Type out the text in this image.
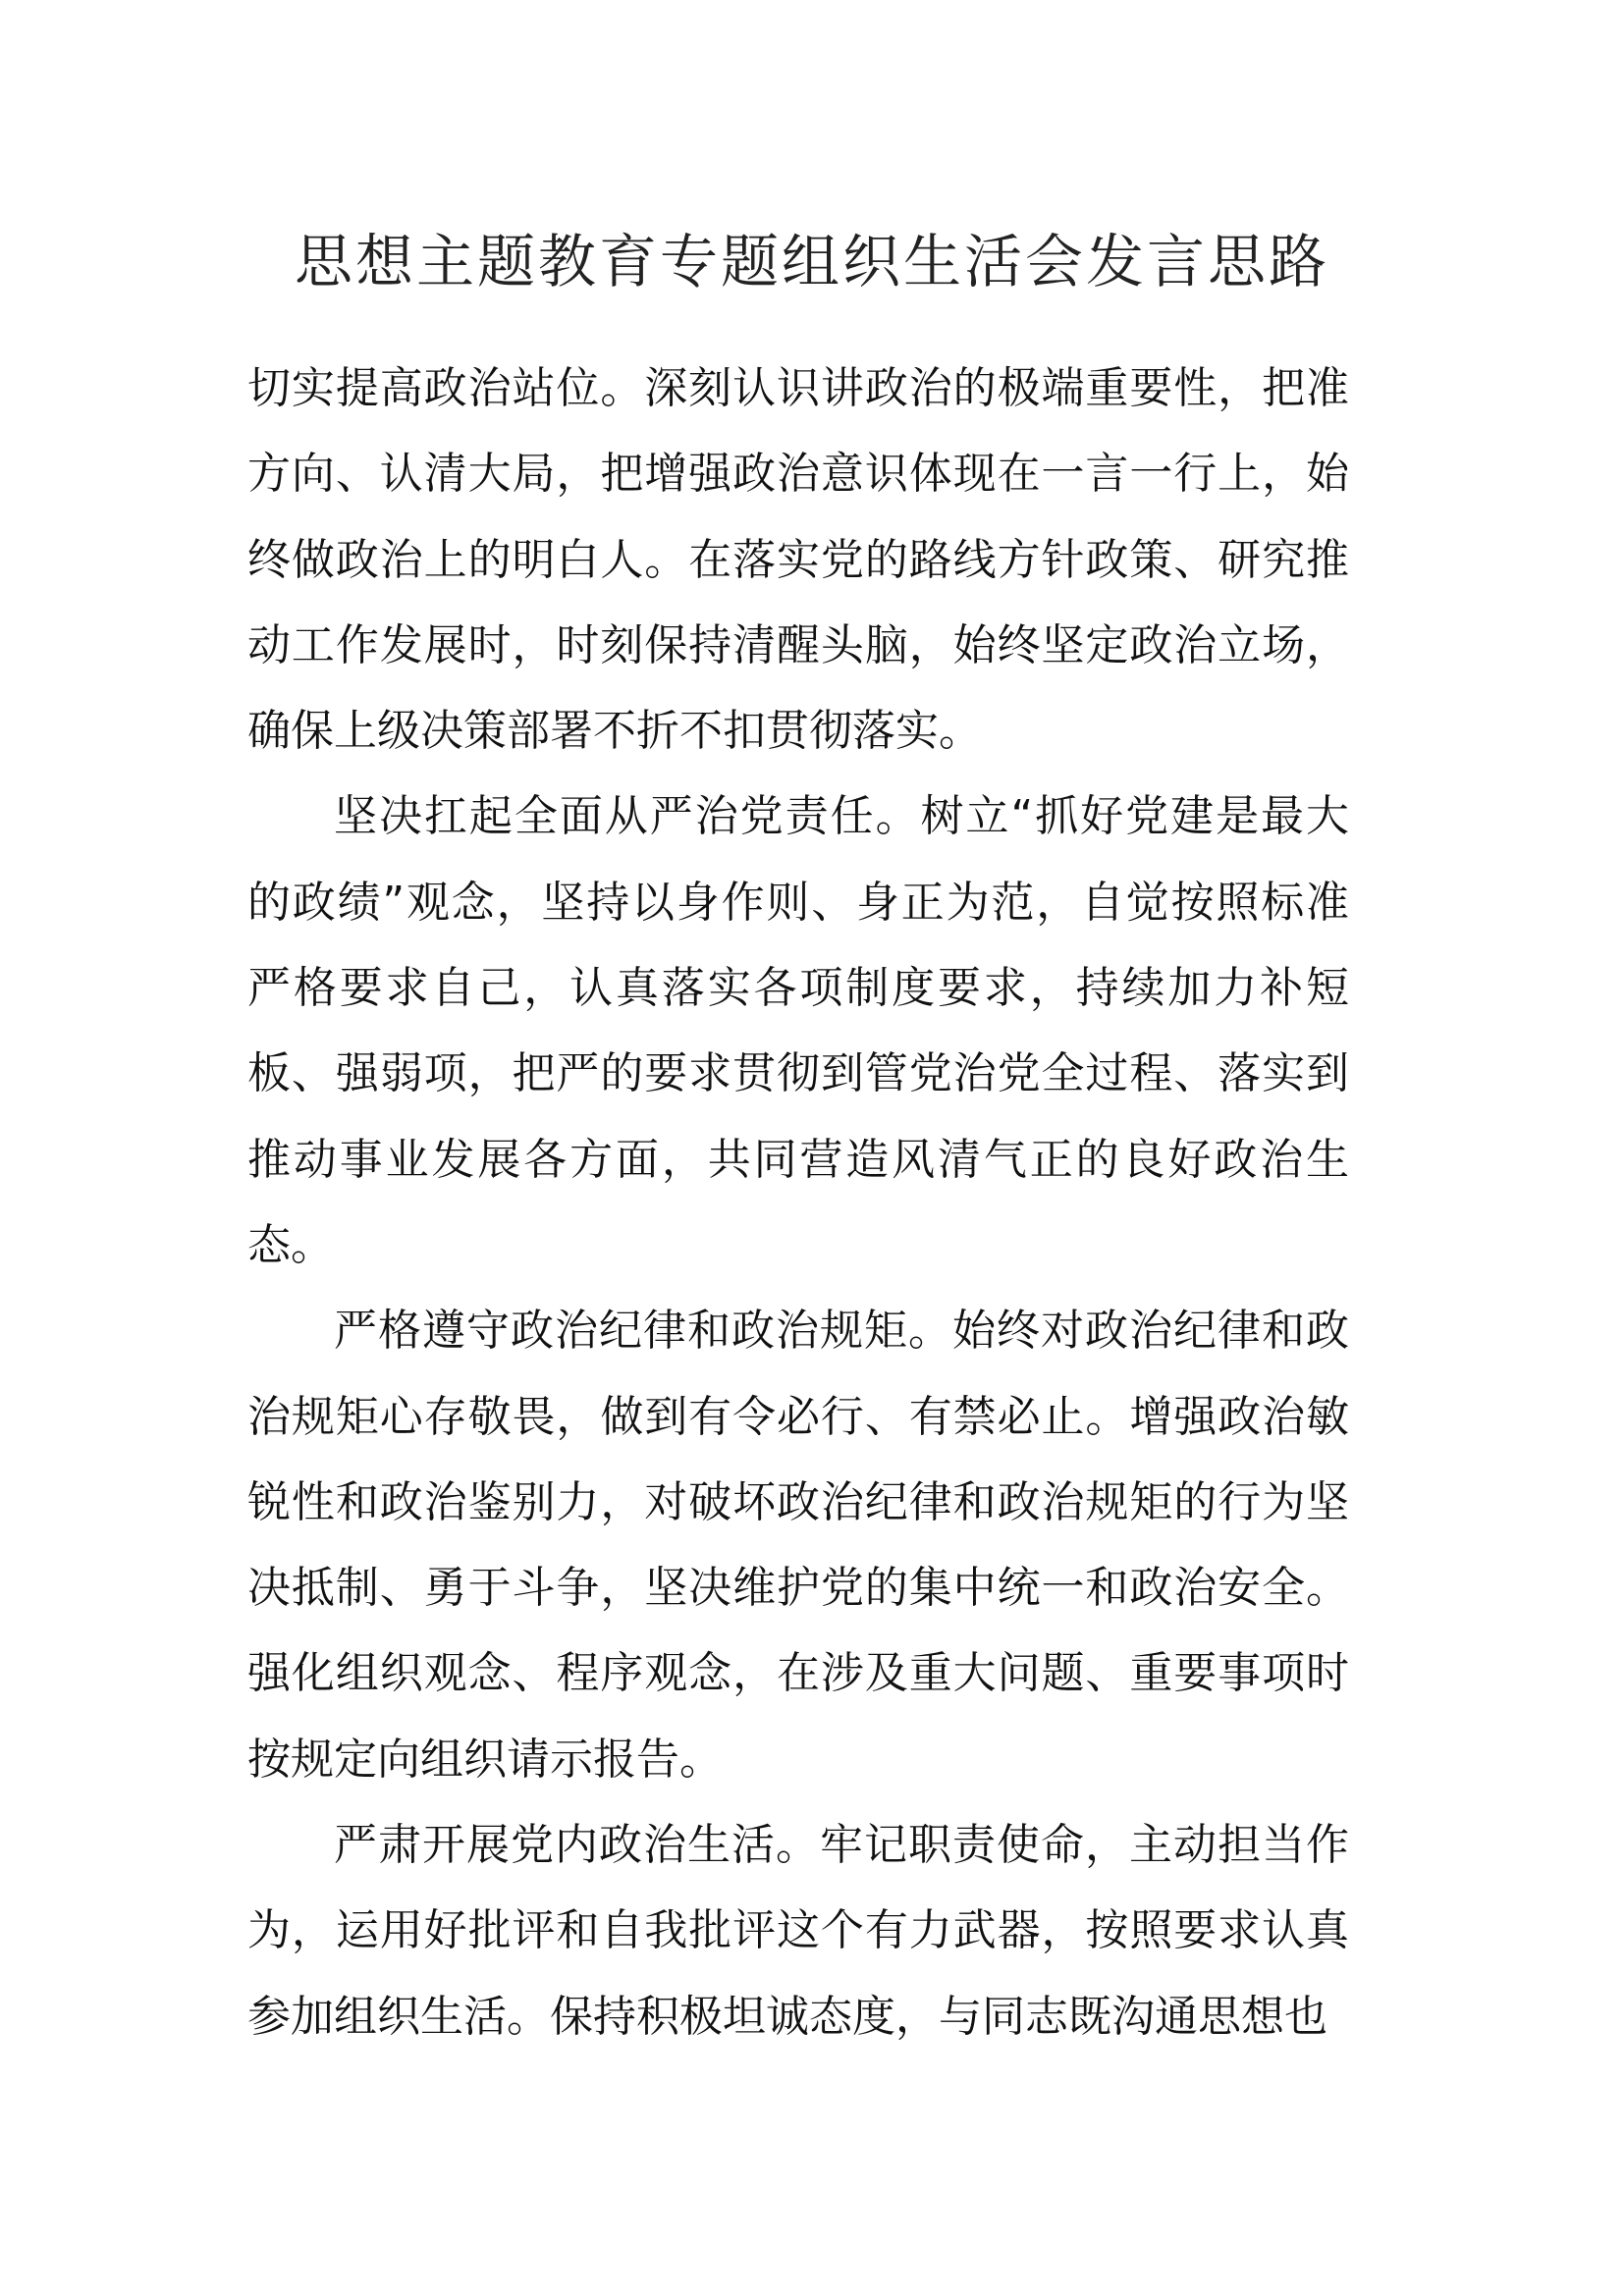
思想主题教育专题组织生活会发言思路

切实提高政治站位。深刻认识讲政治的极端重要性，把准方向、认清大局，把增强政治意识体现在一言一行上，始终做政治上的明白人。在落实党的路线方针政策、研究推动工作发展时，时刻保持清醒头脑，始终坚定政治立场，确保上级决策部署不折不扣贯彻落实。

坚决扛起全面从严治党责任。树立“抓好党建是最大的政绩”观念，坚持以身作则、身正为范，自觉按照标准严格要求自己，认真落实各项制度要求，持续加力补短板、强弱项，把严的要求贯彻到管党治党全过程、落实到推动事业发展各方面，共同营造风清气正的良好政治生态。

严格遵守政治纪律和政治规矩。始终对政治纪律和政治规矩心存敬畏，做到有令必行、有禁必止。增强政治敏锐性和政治鉴别力，对破坏政治纪律和政治规矩的行为坚决抵制、勇于斗争，坚决维护党的集中统一和政治安全。强化组织观念、程序观念，在涉及重大问题、重要事项时按规定向组织请示报告。

严肃开展党内政治生活。牢记职责使命，主动担当作为，运用好批评和自我批评这个有力武器，按照要求认真参加组织生活。保持积极坦诚态度，与同志既沟通思想也
